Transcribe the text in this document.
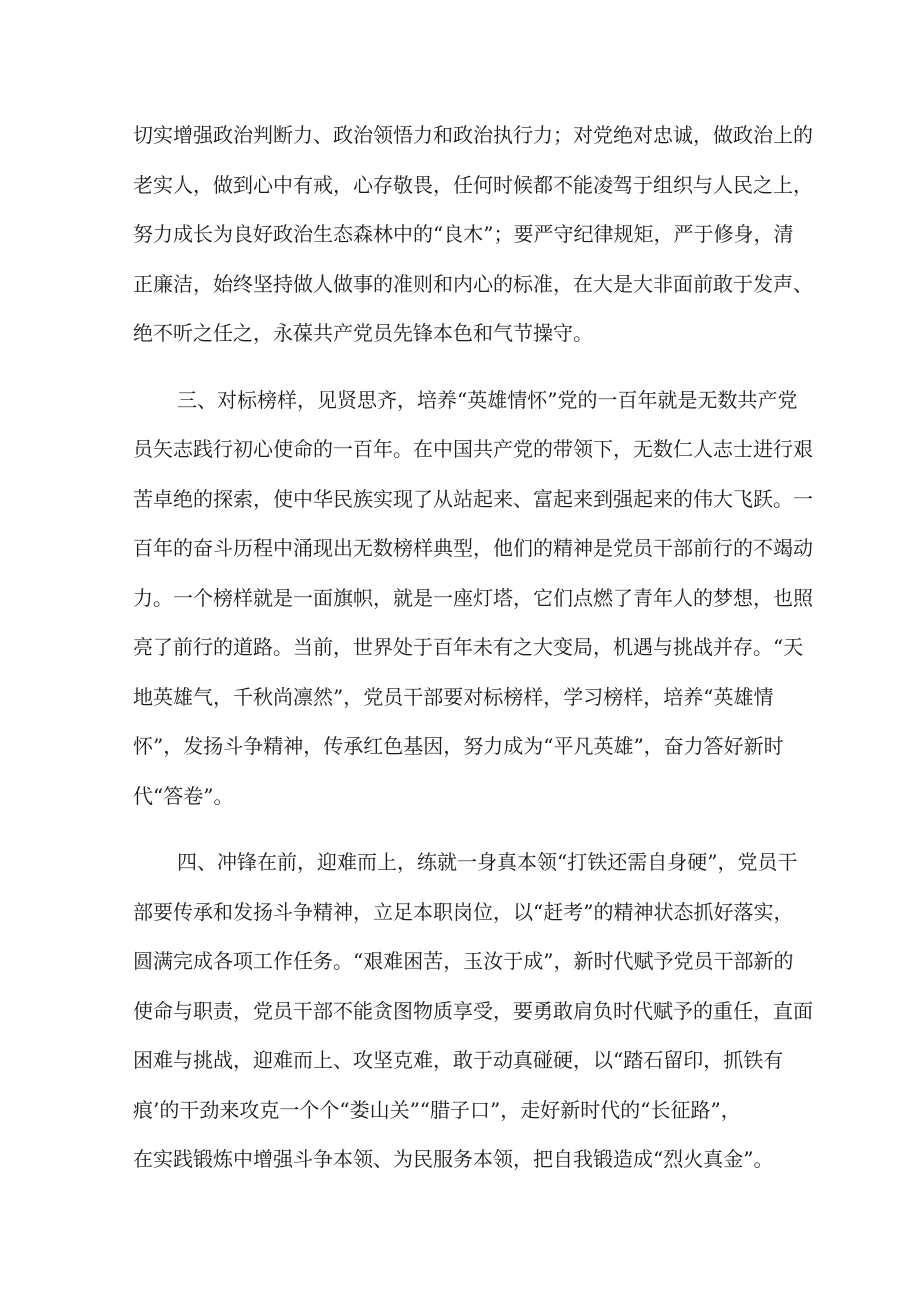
切实增强政治判断力、政治领悟力和政治执行力；对党绝对忠诚，做政治上的

老实人，做到心中有戒，心存敬畏，任何时候都不能凌驾于组织与人民之上，

努力成长为良好政治生态森林中的“良木”；要严守纪律规矩，严于修身，清

正廉洁，始终坚持做人做事的准则和内心的标准，在大是大非面前敢于发声、

绝不听之任之，永葆共产党员先锋本色和气节操守。

三、对标榜样，见贤思齐，培养“英雄情怀”党的一百年就是无数共产党

员矢志践行初心使命的一百年。在中国共产党的带领下，无数仁人志士进行艰

苦卓绝的探索，使中华民族实现了从站起来、富起来到强起来的伟大飞跃。一

百年的奋斗历程中涌现出无数榜样典型，他们的精神是党员干部前行的不竭动

力。一个榜样就是一面旗帜，就是一座灯塔，它们点燃了青年人的梦想，也照

亮了前行的道路。当前，世界处于百年未有之大变局，机遇与挑战并存。“天

地英雄气，千秋尚凛然”，党员干部要对标榜样，学习榜样，培养“英雄情

怀”，发扬斗争精神，传承红色基因，努力成为“平凡英雄”，奋力答好新时

代“答卷”。

四、冲锋在前，迎难而上，练就一身真本领“打铁还需自身硬”，党员干

部要传承和发扬斗争精神，立足本职岗位，以“赶考”的精神状态抓好落实，

圆满完成各项工作任务。“艰难困苦，玉汝于成”，新时代赋予党员干部新的

使命与职责，党员干部不能贪图物质享受，要勇敢肩负时代赋予的重任，直面

困难与挑战，迎难而上、攻坚克难，敢于动真碰硬，以“踏石留印，抓铁有

痕’的干劲来攻克一个个“娄山关”“腊子口”，走好新时代的“长征路”，

在实践锻炼中增强斗争本领、为民服务本领，把自我锻造成“烈火真金”。
